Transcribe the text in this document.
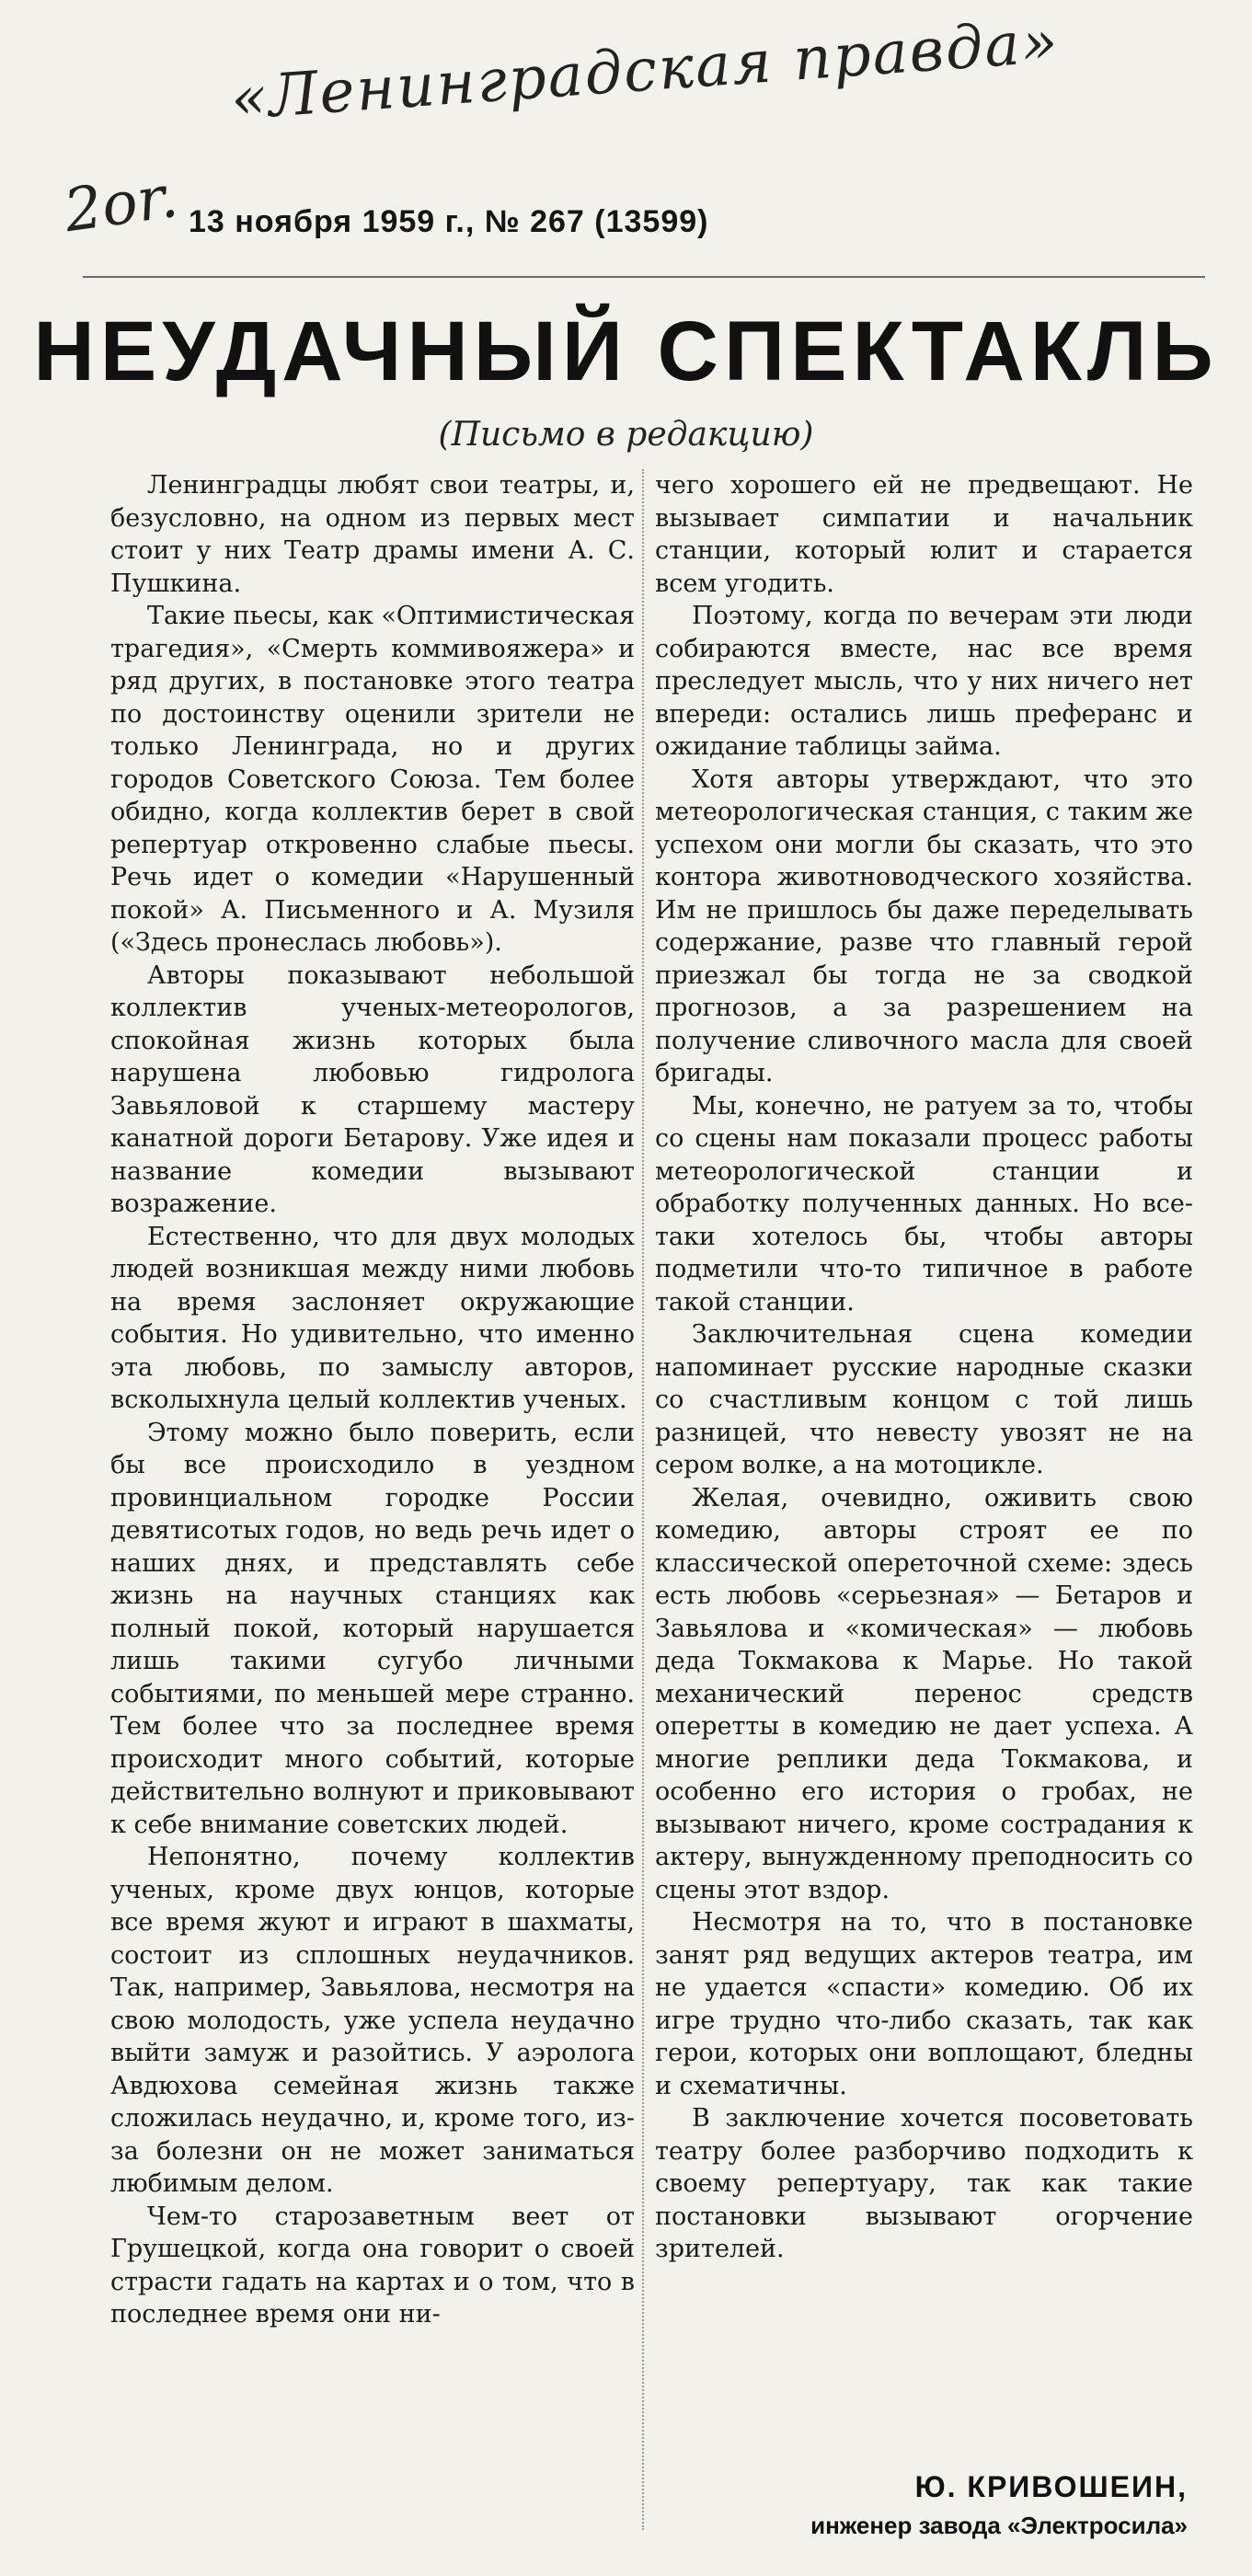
«Ленинградская правда»
2or. 13 ноября 1959 г., № 267 (13599)
НЕУДАЧНЫЙ СПЕКТАКЛЬ
(Письмо в редакцию)

Ленинградцы любят свои театры, и, безусловно, на одном из первых мест стоит у них Театр драмы имени А. С. Пушкина.

Такие пьесы, как «Оптимистическая трагедия», «Смерть коммивояжера» и ряд других, в постановке этого театра по достоинству оценили зрители не только Ленинграда, но и других городов Советского Союза. Тем более обидно, когда коллектив берет в свой репертуар откровенно слабые пьесы. Речь идет о комедии «Нарушенный покой» А. Письменного и А. Музиля («Здесь пронеслась любовь»).

Авторы показывают небольшой коллектив ученых-метеорологов, спокойная жизнь которых была нарушена любовью гидролога Завьяловой к старшему мастеру канатной дороги Бетарову. Уже идея и название комедии вызывают возражение.

Естественно, что для двух молодых людей возникшая между ними любовь на время заслоняет окружающие события. Но удивительно, что именно эта любовь, по замыслу авторов, всколыхнула целый коллектив ученых.

Этому можно было поверить, если бы все происходило в уездном провинциальном городке России девятисотых годов, но ведь речь идет о наших днях, и представлять себе жизнь на научных станциях как полный покой, который нарушается лишь такими сугубо личными событиями, по меньшей мере странно. Тем более что за последнее время происходит много событий, которые действительно волнуют и приковывают к себе внимание советских людей.

Непонятно, почему коллектив ученых, кроме двух юнцов, которые все время жуют и играют в шахматы, состоит из сплошных неудачников. Так, например, Завьялова, несмотря на свою молодость, уже успела неудачно выйти замуж и разойтись. У аэролога Авдюхова семейная жизнь также сложилась неудачно, и, кроме того, из-за болезни он не может заниматься любимым делом.

Чем-то старозаветным веет от Грушецкой, когда она говорит о своей страсти гадать на картах и о том, что в последнее время они ни-

чего хорошего ей не предвещают. Не вызывает симпатии и начальник станции, который юлит и старается всем угодить.

Поэтому, когда по вечерам эти люди собираются вместе, нас все время преследует мысль, что у них ничего нет впереди: остались лишь преферанс и ожидание таблицы займа.

Хотя авторы утверждают, что это метеорологическая станция, с таким же успехом они могли бы сказать, что это контора животноводческого хозяйства. Им не пришлось бы даже переделывать содержание, разве что главный герой приезжал бы тогда не за сводкой прогнозов, а за разрешением на получение сливочного масла для своей бригады.

Мы, конечно, не ратуем за то, чтобы со сцены нам показали процесс работы метеорологической станции и обработку полученных данных. Но все-таки хотелось бы, чтобы авторы подметили что-то типичное в работе такой станции.

Заключительная сцена комедии напоминает русские народные сказки со счастливым концом с той лишь разницей, что невесту увозят не на сером волке, а на мотоцикле.

Желая, очевидно, оживить свою комедию, авторы строят ее по классической опереточной схеме: здесь есть любовь «серьезная» — Бетаров и Завьялова и «комическая» — любовь деда Токмакова к Марье. Но такой механический перенос средств оперетты в комедию не дает успеха. А многие реплики деда Токмакова, и особенно его история о гробах, не вызывают ничего, кроме сострадания к актеру, вынужденному преподносить со сцены этот вздор.

Несмотря на то, что в постановке занят ряд ведущих актеров театра, им не удается «спасти» комедию. Об их игре трудно что-либо сказать, так как герои, которых они воплощают, бледны и схематичны.

В заключение хочется посоветовать театру более разборчиво подходить к своему репертуару, так как такие постановки вызывают огорчение зрителей.

Ю. КРИВОШЕИН,
инженер завода «Электросила»
